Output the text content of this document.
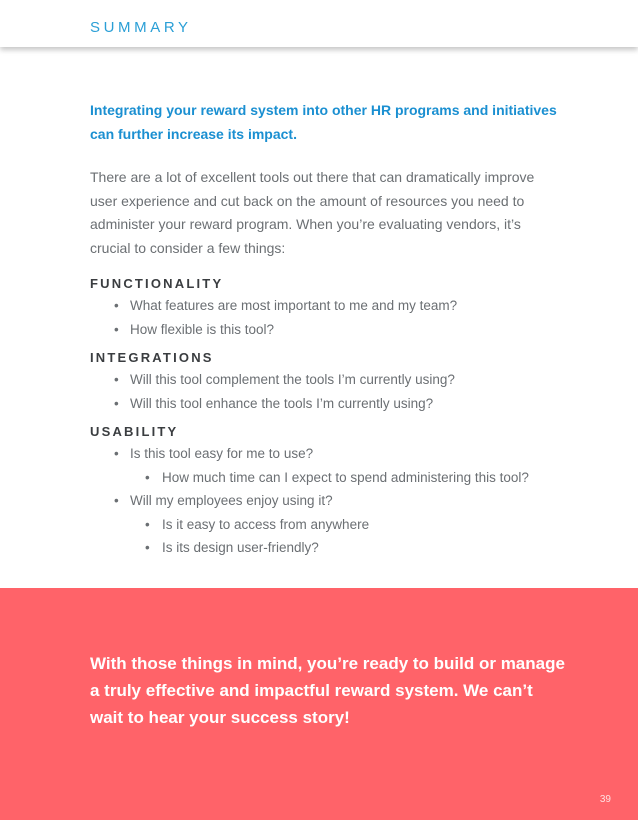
SUMMARY

Integrating your reward system into other HR programs and initiatives can further increase its impact.

There are a lot of excellent tools out there that can dramatically improve user experience and cut back on the amount of resources you need to administer your reward program. When you’re evaluating vendors, it’s crucial to consider a few things:

FUNCTIONALITY
• What features are most important to me and my team?
• How flexible is this tool?
INTEGRATIONS
• Will this tool complement the tools I’m currently using?
• Will this tool enhance the tools I’m currently using?
USABILITY
• Is this tool easy for me to use?
• How much time can I expect to spend administering this tool?
• Will my employees enjoy using it?
• Is it easy to access from anywhere
• Is its design user-friendly?

With those things in mind, you’re ready to build or manage a truly effective and impactful reward system. We can’t wait to hear your success story!

39
